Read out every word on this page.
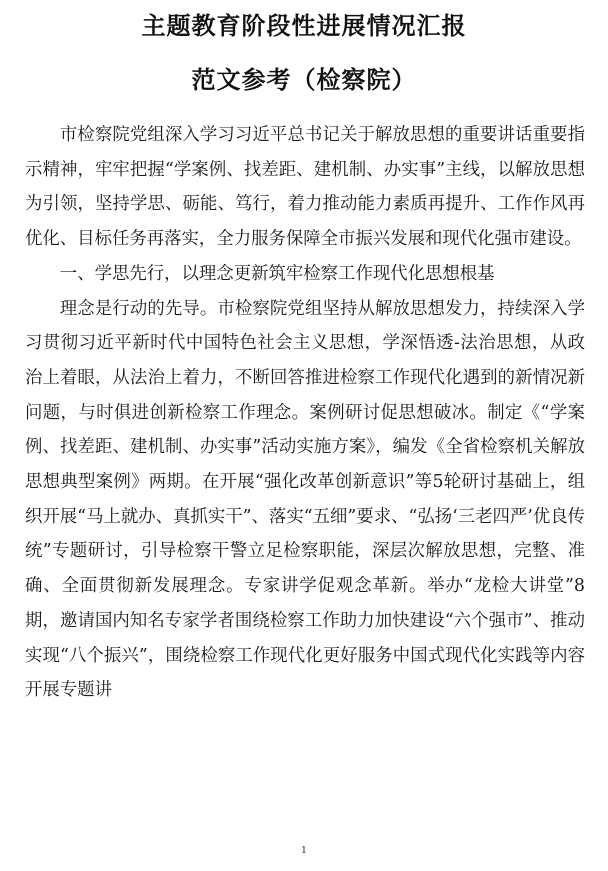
主题教育阶段性进展情况汇报
范文参考（检察院）

市检察院党组深入学习习近平总书记关于解放思想的重要讲话重要指示精神，牢牢把握“学案例、找差距、建机制、办实事”主线，以解放思想为引领，坚持学思、砺能、笃行，着力推动能力素质再提升、工作作风再优化、目标任务再落实，全力服务保障全市振兴发展和现代化强市建设。

一、学思先行，以理念更新筑牢检察工作现代化思想根基

理念是行动的先导。市检察院党组坚持从解放思想发力，持续深入学习贯彻习近平新时代中国特色社会主义思想，学深悟透-法治思想，从政治上着眼，从法治上着力，不断回答推进检察工作现代化遇到的新情况新问题，与时俱进创新检察工作理念。案例研讨促思想破冰。制定《“学案例、找差距、建机制、办实事”活动实施方案》，编发《全省检察机关解放思想典型案例》两期。在开展“强化改革创新意识”等5轮研讨基础上，组织开展“马上就办、真抓实干”、落实“五细”要求、“弘扬‘三老四严’优良传统”专题研讨，引导检察干警立足检察职能，深层次解放思想，完整、准确、全面贯彻新发展理念。专家讲学促观念革新。举办“龙检大讲堂”8期，邀请国内知名专家学者围绕检察工作助力加快建设“六个强市”、推动实现“八个振兴”，围绕检察工作现代化更好服务中国式现代化实践等内容开展专题讲

1
